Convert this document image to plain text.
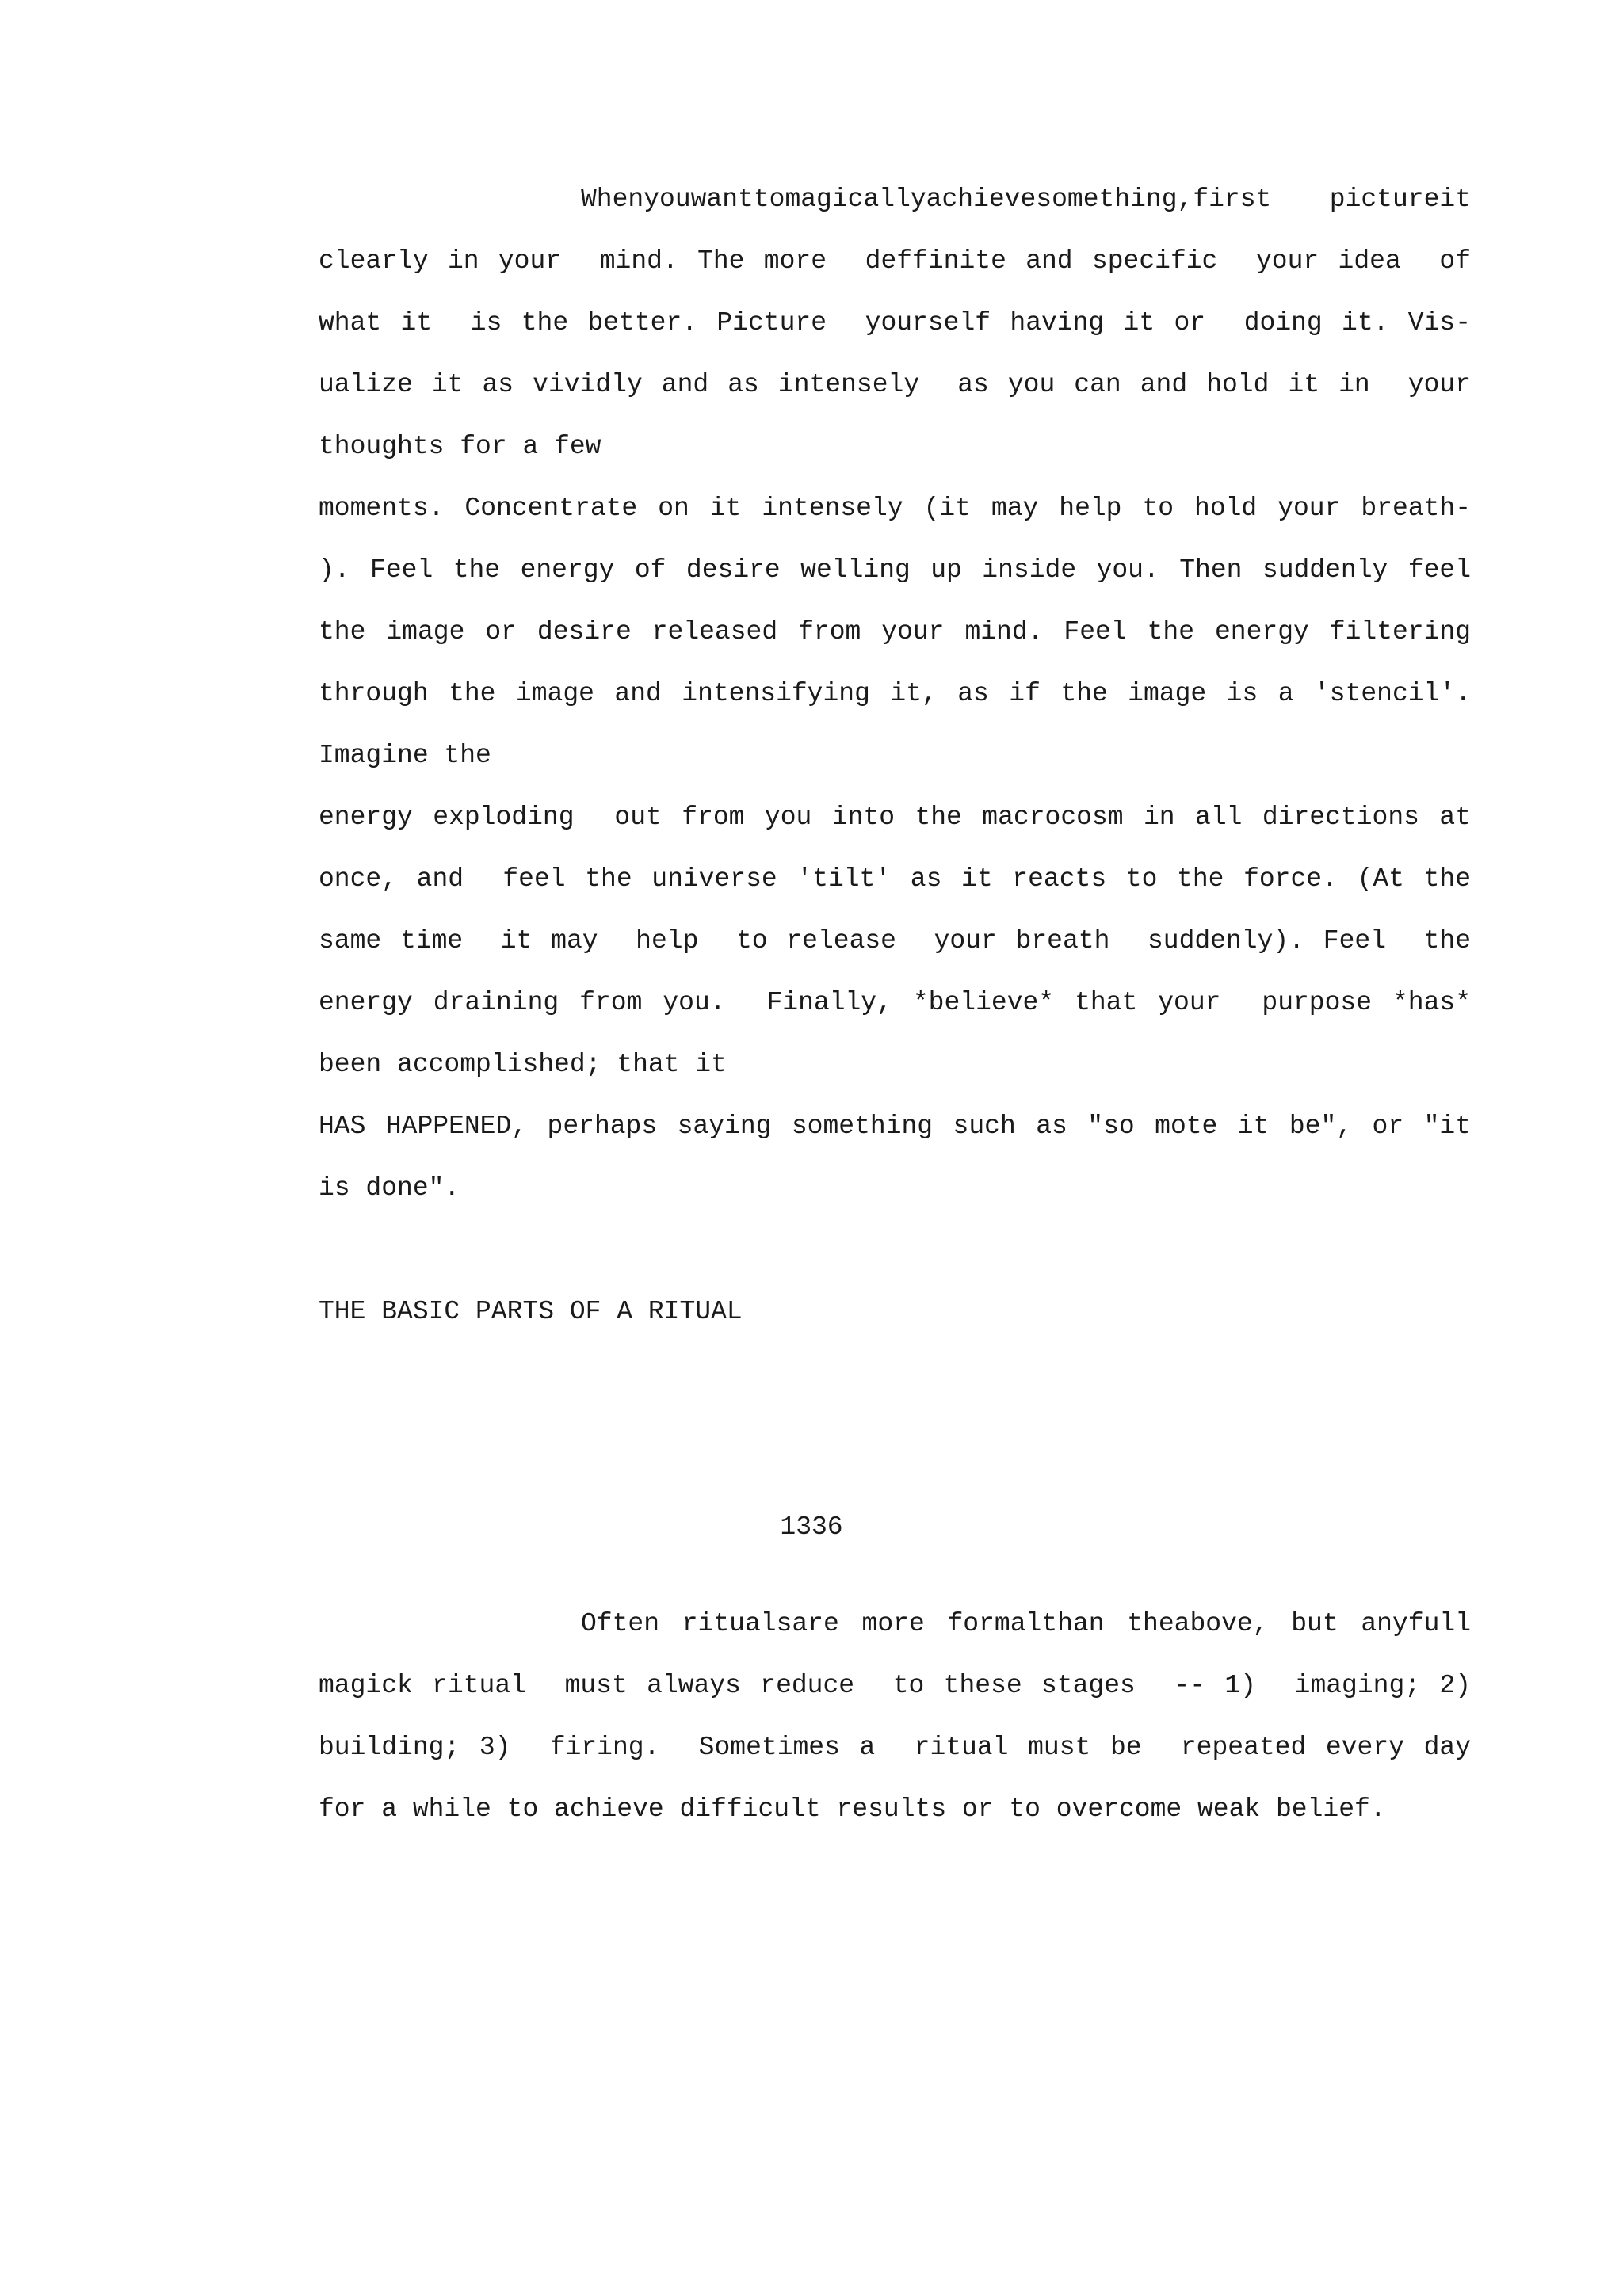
Whenyouwanttomagicallyachievesomething,first pictureit
clearly in your  mind. The more  deffinite and specific  your idea  of
what it  is the better. Picture  yourself having it or  doing it. Vis-
ualize it as vividly and as intensely  as you can and hold it in  your
thoughts for a few
moments. Concentrate on it intensely (it may help to hold your breath-
). Feel the energy of desire welling up inside you. Then suddenly feel
the image or desire released from your mind. Feel the energy filtering
through the image and intensifying it, as if the image is a 'stencil'.
Imagine the
energy exploding  out from you into the macrocosm in all directions at
once, and  feel the universe 'tilt' as it reacts to the force. (At the
same time  it may  help  to release  your breath  suddenly). Feel  the
energy draining from you.  Finally, *believe* that your  purpose *has*
been accomplished; that it
HAS HAPPENED, perhaps saying something such as "so mote it be", or "it
is done".
THE BASIC PARTS OF A RITUAL
1336
Often ritualsare more formalthan theabove, but anyfull
magick ritual  must always reduce  to these stages  -- 1)  imaging; 2)
building; 3)  firing.  Sometimes a  ritual must be  repeated every day
for a while to achieve difficult results or to overcome weak belief.
